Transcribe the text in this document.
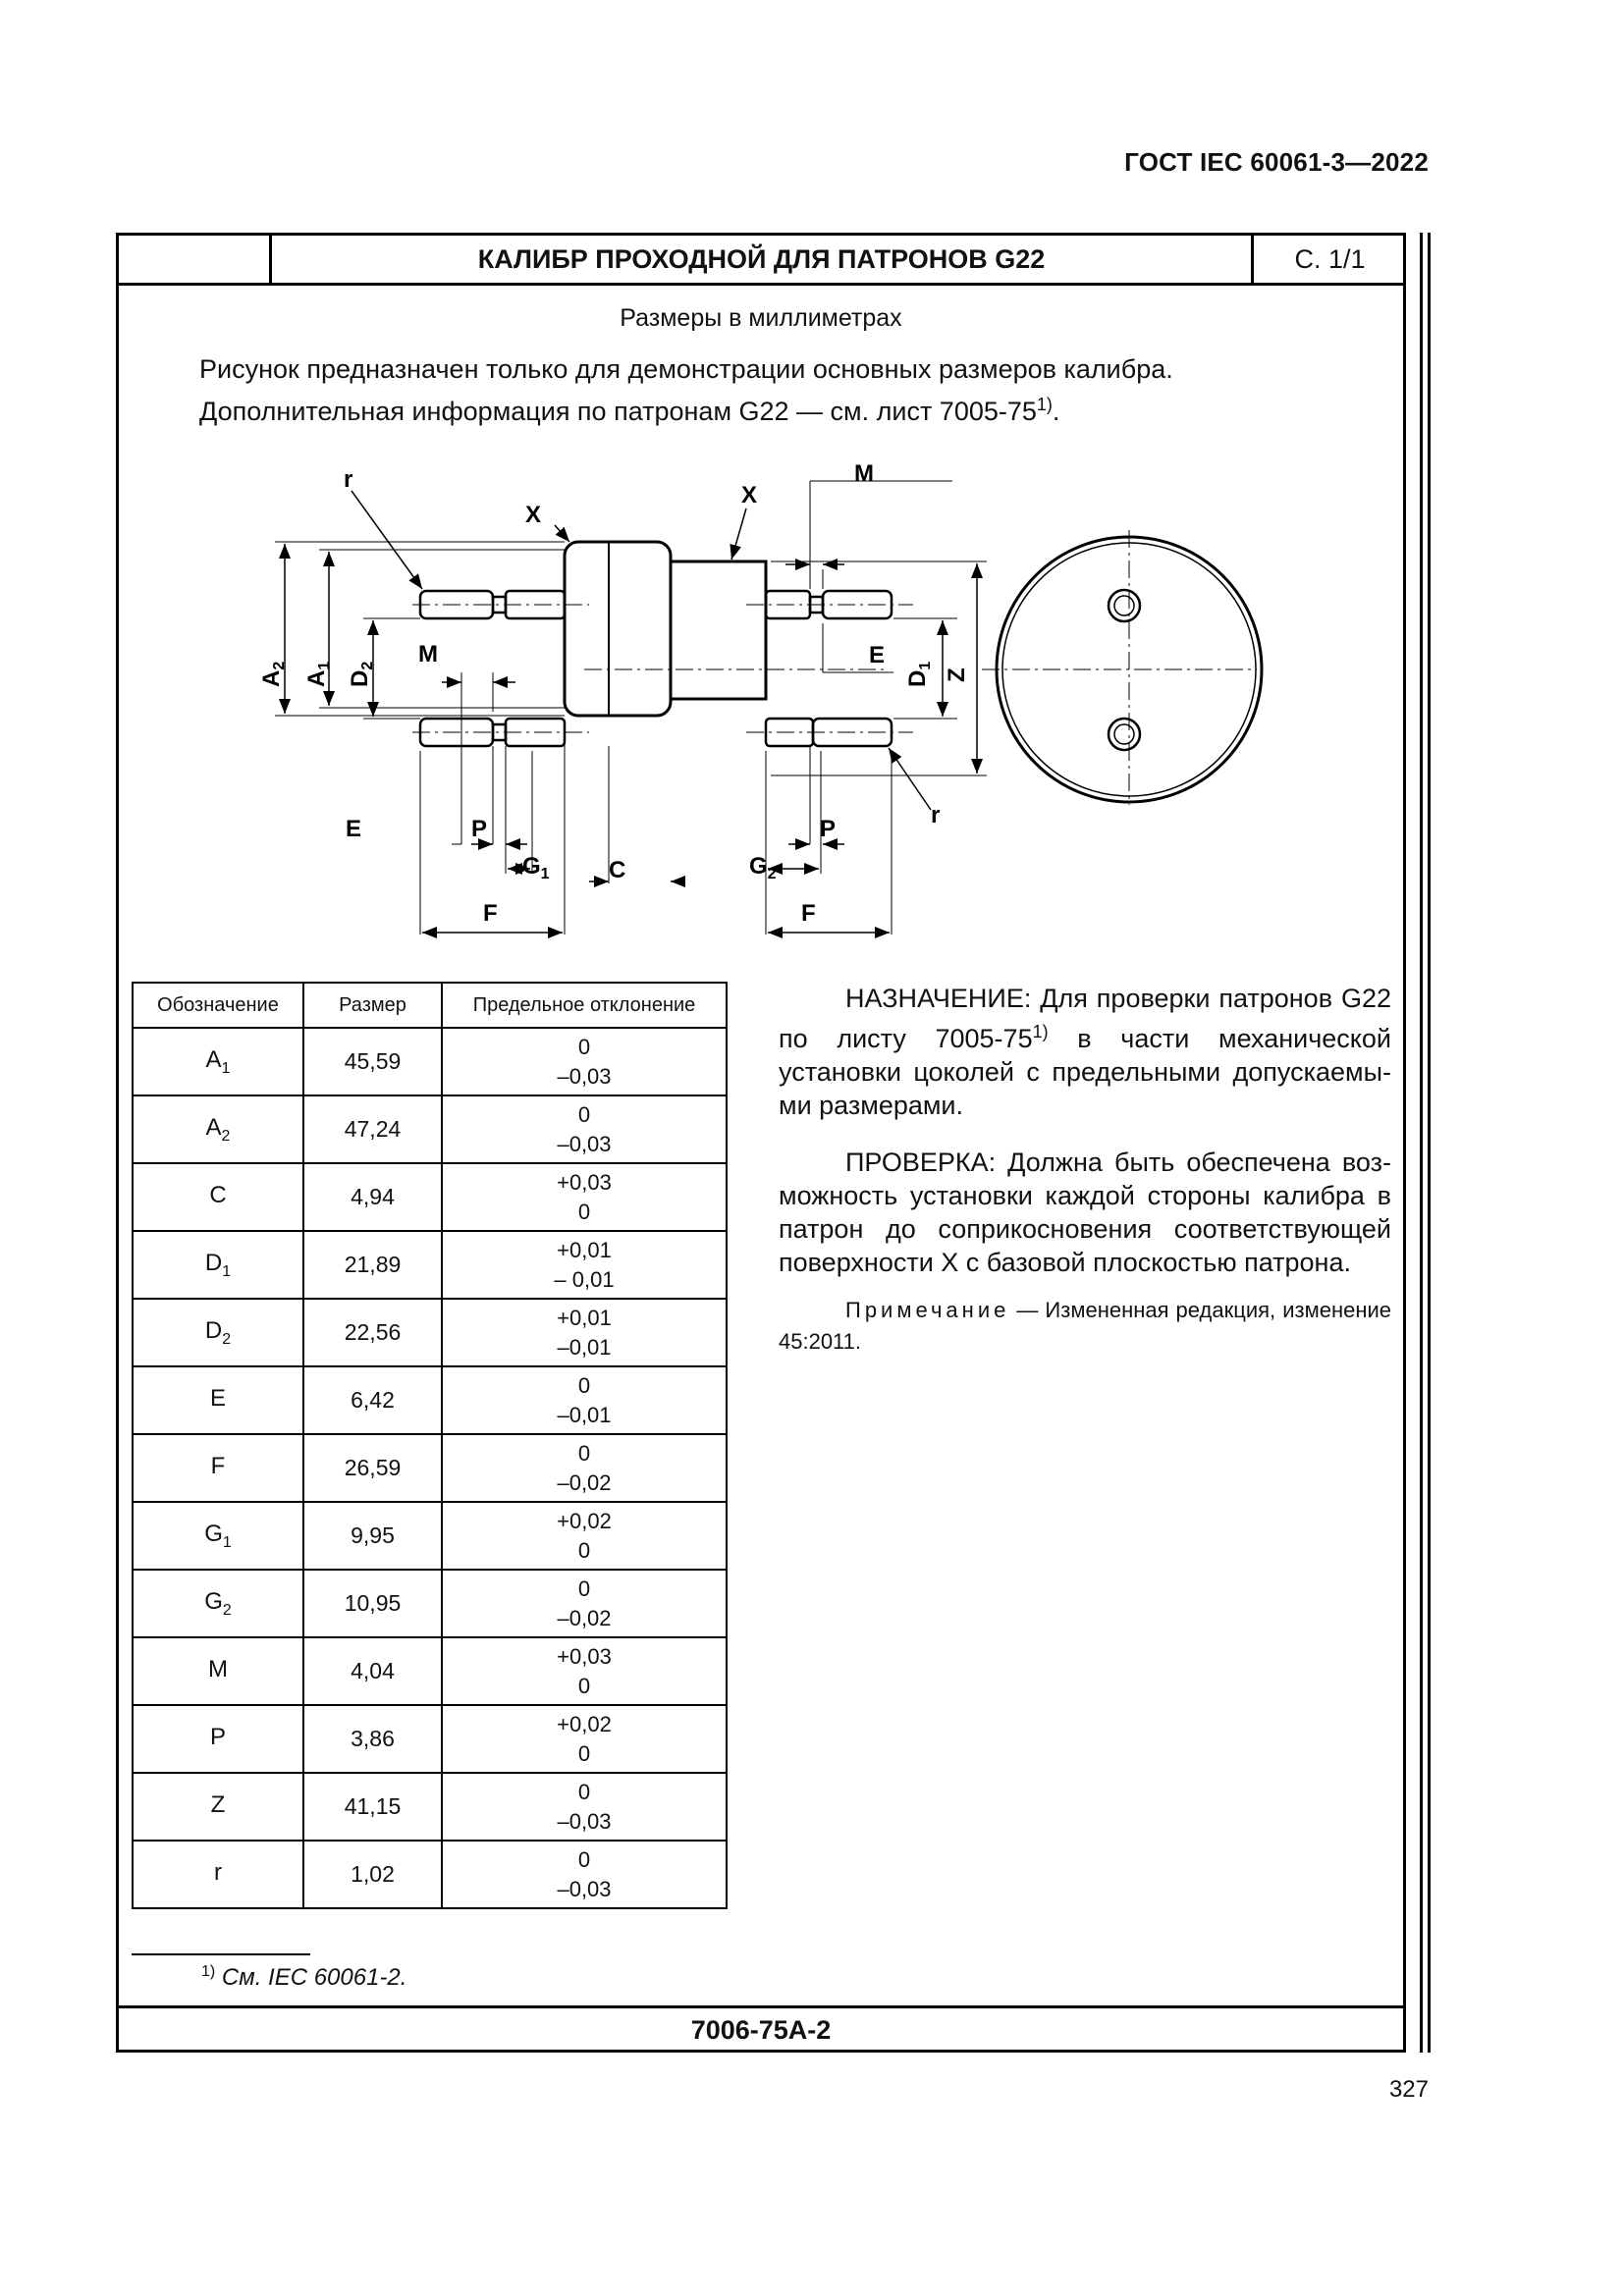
ГОСТ IEC 60061-3—2022
КАЛИБР ПРОХОДНОЙ ДЛЯ ПАТРОНОВ G22	С. 1/1
Размеры в миллиметрах
Рисунок предназначен только для демонстрации основных размеров калибра.
Дополнительная информация по патронам G22 — см. лист 7005-75$^{1)}$.
r
X
X
M
M	E
E	P	P
C
F	F
r
$G_1$	$G_2$
$A_2$
$A_1$
$D_2$
$D_1$
Z
Обозначение	Размер	Предельное отклонение
$A_1$	45,59	0
–0,03

$A_2$	47,24	0
–0,03

C	4,94	+0,03
0

$D_1$	21,89	+0,01
– 0,01

$D_2$	22,56	+0,01
–0,01

E	6,42	0
–0,01

F	26,59	0
–0,02

$G_1$	9,95	+0,02
0

$G_2$	10,95	0
–0,02

M	4,04	+0,03
0

P	3,86	+0,02
0

Z	41,15	0
–0,03

r	1,02	0
–0,03

НАЗНАЧЕНИЕ: Для проверки патронов G22 по листу 7005-75$^{1)}$ в части механической установки цоколей с предельными допускаемыми размерами.

ПРОВЕРКА: Должна быть обеспечена возможность установки каждой стороны калибра в патрон до соприкосновения соответствующей поверхности X с базовой плоскостью патрона.

Примечание — Измененная редакция, изменение 45:2011.

$^{1)}$ См. IEC 60061-2.
7006-75A-2
327
